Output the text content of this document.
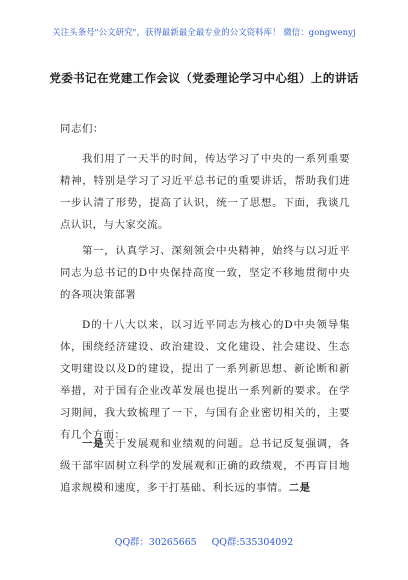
关注头条号"公文研究"，获得最新最全最专业的公文资料库！ 微信：gongwenyj
党委书记在党建工作会议（党委理论学习中心组）上的讲话
同志们：

我们用了一天半的时间，传达学习了中央的一系列重要精神，特别是学习了习近平总书记的重要讲话，帮助我们进一步认清了形势，提高了认识，统一了思想。下面，我谈几点认识，与大家交流。

第一，认真学习、深刻领会中央精神，始终与以习近平同志为总书记的D中央保持高度一致，坚定不移地贯彻中央的各项决策部署

D的十八大以来，以习近平同志为核心的D中央领导集体，围绕经济建设、政治建设、文化建设、社会建设、生态文明建设以及D的建设，提出了一系列新思想、新论断和新举措，对于国有企业改革发展也提出一系列新的要求。在学习期间，我大致梳理了一下，与国有企业密切相关的，主要有几个方面：

一是关于发展观和业绩观的问题。总书记反复强调，各级干部牢固树立科学的发展观和正确的政绩观，不再盲目地追求规模和速度，多干打基础、利长远的事情。二是

QQ群：30265665 QQ群:535304092
